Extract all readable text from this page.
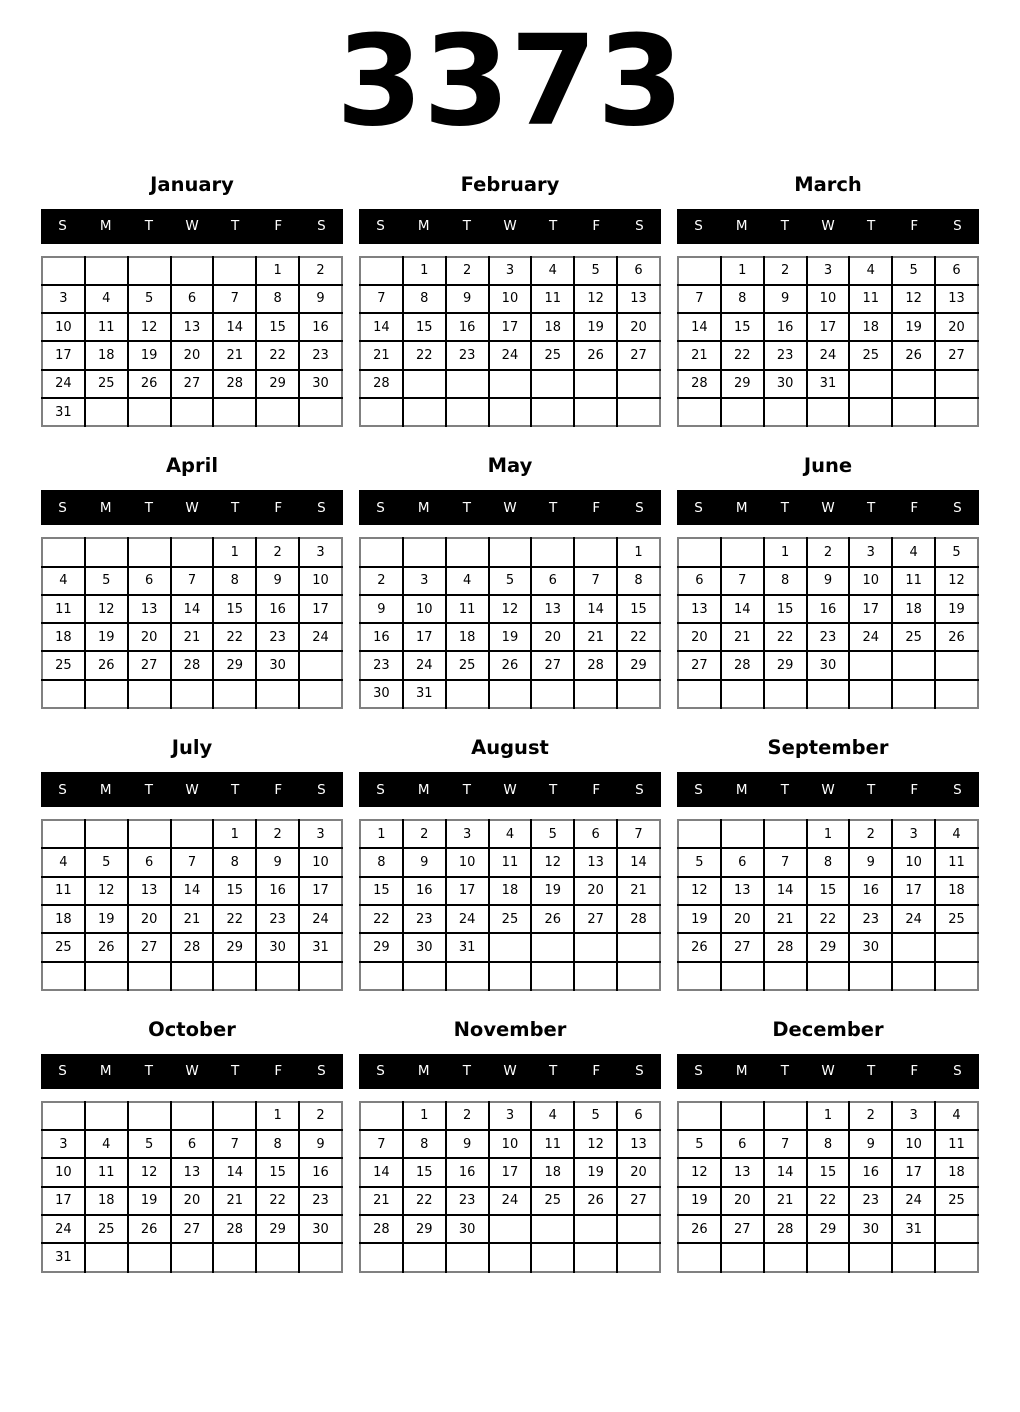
3373
January
S	M	T	W	T	F	S
					1	2
3	4	5	6	7	8	9
10	11	12	13	14	15	16
17	18	19	20	21	22	23
24	25	26	27	28	29	30
31						
February
S	M	T	W	T	F	S
	1	2	3	4	5	6
7	8	9	10	11	12	13
14	15	16	17	18	19	20
21	22	23	24	25	26	27
28						

March
S	M	T	W	T	F	S
	1	2	3	4	5	6
7	8	9	10	11	12	13
14	15	16	17	18	19	20
21	22	23	24	25	26	27
28	29	30	31			

April
S	M	T	W	T	F	S
				1	2	3
4	5	6	7	8	9	10
11	12	13	14	15	16	17
18	19	20	21	22	23	24
25	26	27	28	29	30	

May
S	M	T	W	T	F	S
						1
2	3	4	5	6	7	8
9	10	11	12	13	14	15
16	17	18	19	20	21	22
23	24	25	26	27	28	29
30	31					
June
S	M	T	W	T	F	S
		1	2	3	4	5
6	7	8	9	10	11	12
13	14	15	16	17	18	19
20	21	22	23	24	25	26
27	28	29	30			

July
S	M	T	W	T	F	S
				1	2	3
4	5	6	7	8	9	10
11	12	13	14	15	16	17
18	19	20	21	22	23	24
25	26	27	28	29	30	31

August
S	M	T	W	T	F	S
1	2	3	4	5	6	7
8	9	10	11	12	13	14
15	16	17	18	19	20	21
22	23	24	25	26	27	28
29	30	31				

September
S	M	T	W	T	F	S
			1	2	3	4
5	6	7	8	9	10	11
12	13	14	15	16	17	18
19	20	21	22	23	24	25
26	27	28	29	30		

October
S	M	T	W	T	F	S
					1	2
3	4	5	6	7	8	9
10	11	12	13	14	15	16
17	18	19	20	21	22	23
24	25	26	27	28	29	30
31						
November
S	M	T	W	T	F	S
	1	2	3	4	5	6
7	8	9	10	11	12	13
14	15	16	17	18	19	20
21	22	23	24	25	26	27
28	29	30				

December
S	M	T	W	T	F	S
			1	2	3	4
5	6	7	8	9	10	11
12	13	14	15	16	17	18
19	20	21	22	23	24	25
26	27	28	29	30	31	
